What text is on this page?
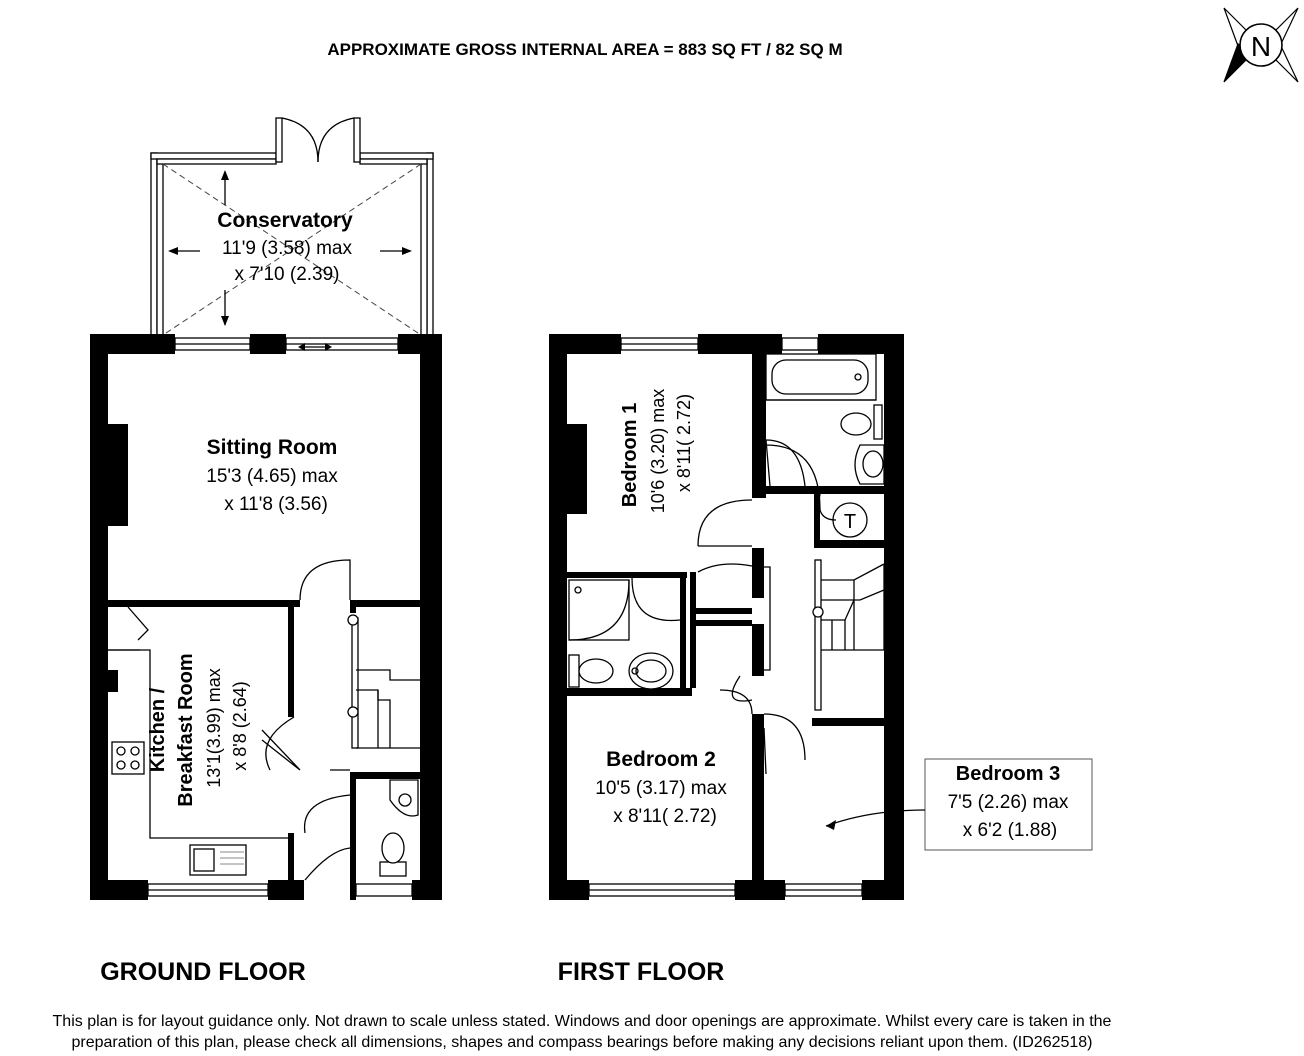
APPROXIMATE GROSS INTERNAL AREA = 883 SQ FT / 82 SQ M	N
Conservatory
11'9 (3.58) max
x 7'10 (2.39)
Sitting Room
15'3 (4.65) max
x 11'8 (3.56)
Kitchen / Breakfast Room 13'1(3.99) max x 8'8 (2.64)
T
Bedroom 1 10'6 (3.20) max x 8'11( 2.72)
Bedroom 2
10'5 (3.17) max
x 8'11( 2.72)
Bedroom 3
7'5 (2.26) max
x 6'2 (1.88)
GROUND FLOOR	FIRST FLOOR
This plan is for layout guidance only. Not drawn to scale unless stated. Windows and door openings are approximate. Whilst every care is taken in the
preparation of this plan, please check all dimensions, shapes and compass bearings before making any decisions reliant upon them. (ID262518)
